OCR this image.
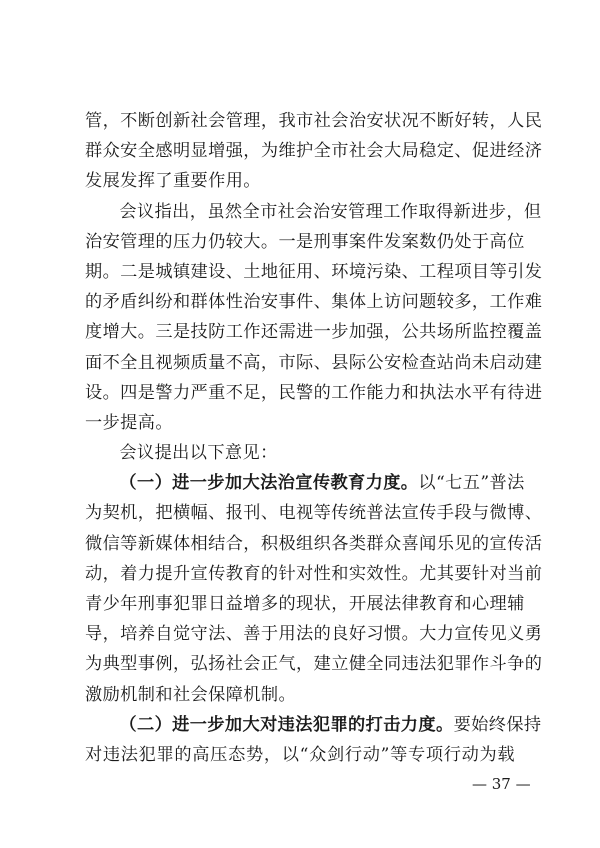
管，不断创新社会管理，我市社会治安状况不断好转，人民
群众安全感明显增强，为维护全市社会大局稳定、促进经济
发展发挥了重要作用。
会议指出，虽然全市社会治安管理工作取得新进步，但
治安管理的压力仍较大。一是刑事案件发案数仍处于高位
期。二是城镇建设、土地征用、环境污染、工程项目等引发
的矛盾纠纷和群体性治安事件、集体上访问题较多，工作难
度增大。三是技防工作还需进一步加强，公共场所监控覆盖
面不全且视频质量不高，市际、县际公安检查站尚未启动建
设。四是警力严重不足，民警的工作能力和执法水平有待进
一步提高。
会议提出以下意见：
（一）进一步加大法治宣传教育力度。以“七五”普法
为契机，把横幅、报刊、电视等传统普法宣传手段与微博、
微信等新媒体相结合，积极组织各类群众喜闻乐见的宣传活
动，着力提升宣传教育的针对性和实效性。尤其要针对当前
青少年刑事犯罪日益增多的现状，开展法律教育和心理辅
导，培养自觉守法、善于用法的良好习惯。大力宣传见义勇
为典型事例，弘扬社会正气，建立健全同违法犯罪作斗争的
激励机制和社会保障机制。
（二）进一步加大对违法犯罪的打击力度。要始终保持
对违法犯罪的高压态势，以“众剑行动”等专项行动为载
— 37 —
